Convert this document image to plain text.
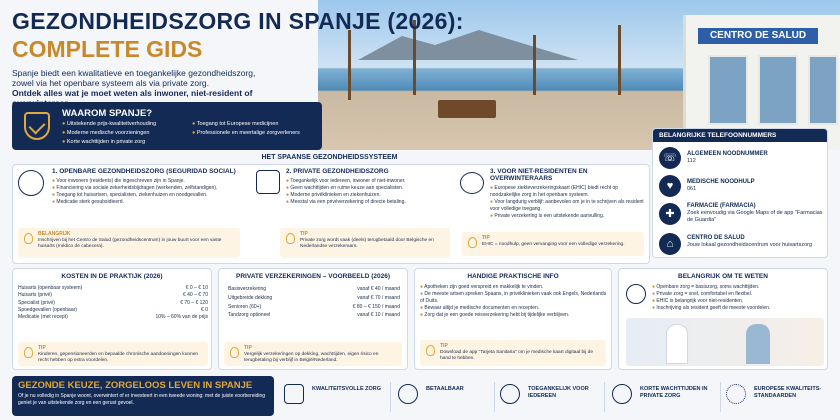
CENTRO DE SALUD
GEZONDHEIDSZORG IN SPANJE (2026):
COMPLETE GIDS
Spanje biedt een kwalitatieve en toegankelijke gezondheidszorg,
zowel via het openbare systeem als via private zorg.
Ontdek alles wat je moet weten als inwoner, niet-resident of
WAAROM SPANJE?
● Uitstekende prijs-kwaliteitverhouding
● Moderne medische voorzieningen
● Korte wachttijden in private zorg
● Toegang tot Europese medicijnen
● Professionele en meertalige zorgverleners
HET SPAANSE GEZONDHEIDSSYSTEEM
1. OPENBARE GEZONDHEIDSZORG (SEGURIDAD SOCIAL)
● Voor inwoners (residents) die ingeschreven zijn in Spanje.
● Financiering via sociale zekerheidsbijdragen (werkenden, zelfstandigen).
● Toegang tot huisartsen, specialisten, ziekenhuizen en noodgevallen.
● Medicatie sterk gesubsidieerd.
BELANGRIJK
Inschrijven bij het Centro de Salud (gezondheidscentrum) in jouw buurt voor een vaste huisarts (médico de cabecera).
2. PRIVATE GEZONDHEIDSZORG
● Toegankelijk voor iedereen, inwoner of niet-inwoner.
● Geen wachttijden en ruime keuze aan specialisten.
● Moderne privéklinieken en ziekenhuizen.
● Meestal via een privéverzekering of directe betaling.
TIP
Private zorg wordt vaak (deels) terugbetaald door Belgische en Nederlandse verzekeraars.
3. VOOR NIET-RESIDENTEN EN OVERWINTERAARS
● Europese ziekteverzekeringskaart (EHIC) biedt recht op noodzakelijke zorg in het openbare systeem.
● Voor langdurig verblijf: aanbevolen om je in te schrijven als resident voor volledige toegang.
● Private verzekering is een uitstekende aanvulling.
TIP
EHIC = noodhulp, geen vervanging voor een volledige verzekering.
BELANGRIJKE TELEFOONNUMMERS
☏	ALGEMEEN NOODNUMMER
112
♥	MEDISCHE NOODHULP
061
✚
FARMACIE (FARMACIA)
Zoek eenvoudig via Google Maps of de app "Farmacias de Guardia"
⌂	CENTRO DE SALUD
Jouw lokaal gezondheidscentrum voor huisartszorg
KOSTEN IN DE PRAKTIJK (2026)
Huisarts (openbaar systeem)	€ 0 – € 10
Huisarts (privé)	€ 40 – € 70
Specialist (privé)	€ 70 – € 120
Spoedgevallen (openbaar)	€ 0
Medicatie (met recept)	10% – 60% van de prijs
TIP
Kinderen, gepensioneerden en bepaalde chronische aandoeningen kunnen recht hebben op extra voordelen.
PRIVATE VERZEKERINGEN – VOORBEELD (2026)
Basisverzekering	vanaf € 40 / maand
Uitgebreide dekking	vanaf € 70 / maand
Senioren (60+)	€ 80 – € 150 / maand
Tandzorg optioneel	vanaf € 10 / maand
TIP
Vergelijk verzekeringen op dekking, wachttijden, eigen risico en terugbetaling bij verblijf in België/Nederland.
HANDIGE PRAKTISCHE INFO
● Apotheken zijn goed verspreid en makkelijk te vinden.
● De meeste artsen spreken Spaans, in privéklinieken vaak ook Engels, Nederlands of Duits.
● Bewaar altijd je medische documenten en recepten.
● Zorg dat je een goede reisverzekering hebt bij tijdelijke verblijven.
TIP
Download de app "Tarjeta Sanitaria" om je medische kaart digitaal bij de hand te hebben.
BELANGRIJK OM TE WETEN
● Openbare zorg = basiszorg, soms wachttijden.
● Private zorg = snel, comfortabel en flexibel.
● EHIC is belangrijk voor niet-residenten.
● Inschrijving als resident geeft de meeste voordelen.
GEZONDE KEUZE, ZORGELOOS LEVEN IN SPANJE

Of je nu volledig in Spanje woont, overwintert of er investeert in een tweede woning: met de juiste voorbereiding geniet je van uitstekende zorg en een gerust gevoel.

KWALITEITSVOLLE ZORG	BETAALBAAR	TOEGANKELIJK VOOR IEDEREEN
KORTE WACHTTIJDEN IN PRIVATE ZORG
EUROPESE KWALITEITS-STANDAARDEN
